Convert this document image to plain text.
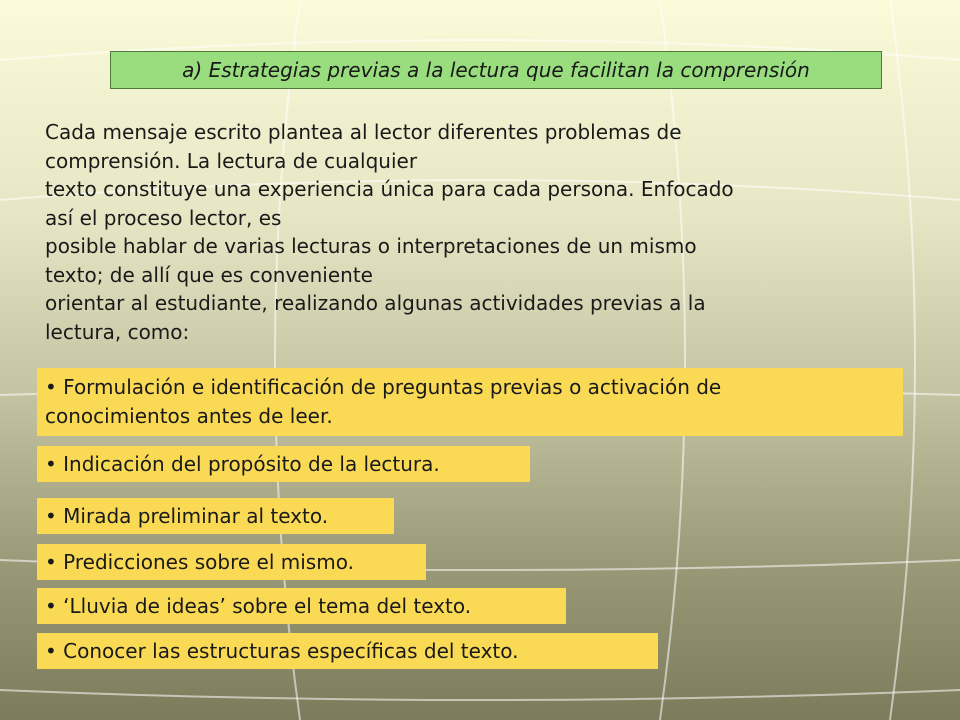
a) Estrategias previas a la lectura que facilitan la comprensión
Cada mensaje escrito plantea al lector diferentes problemas de
comprensión. La lectura de cualquier
texto constituye una experiencia única para cada persona. Enfocado
así el proceso lector, es
posible hablar de varias lecturas o interpretaciones de un mismo
texto; de allí que es conveniente
orientar al estudiante, realizando algunas actividades previas a la
lectura, como:
• Formulación e identificación de preguntas previas o activación de
conocimientos antes de leer.
• Indicación del propósito de la lectura.
• Mirada preliminar al texto.
• Predicciones sobre el mismo.
• ‘Lluvia de ideas’ sobre el tema del texto.
• Conocer las estructuras específicas del texto.
